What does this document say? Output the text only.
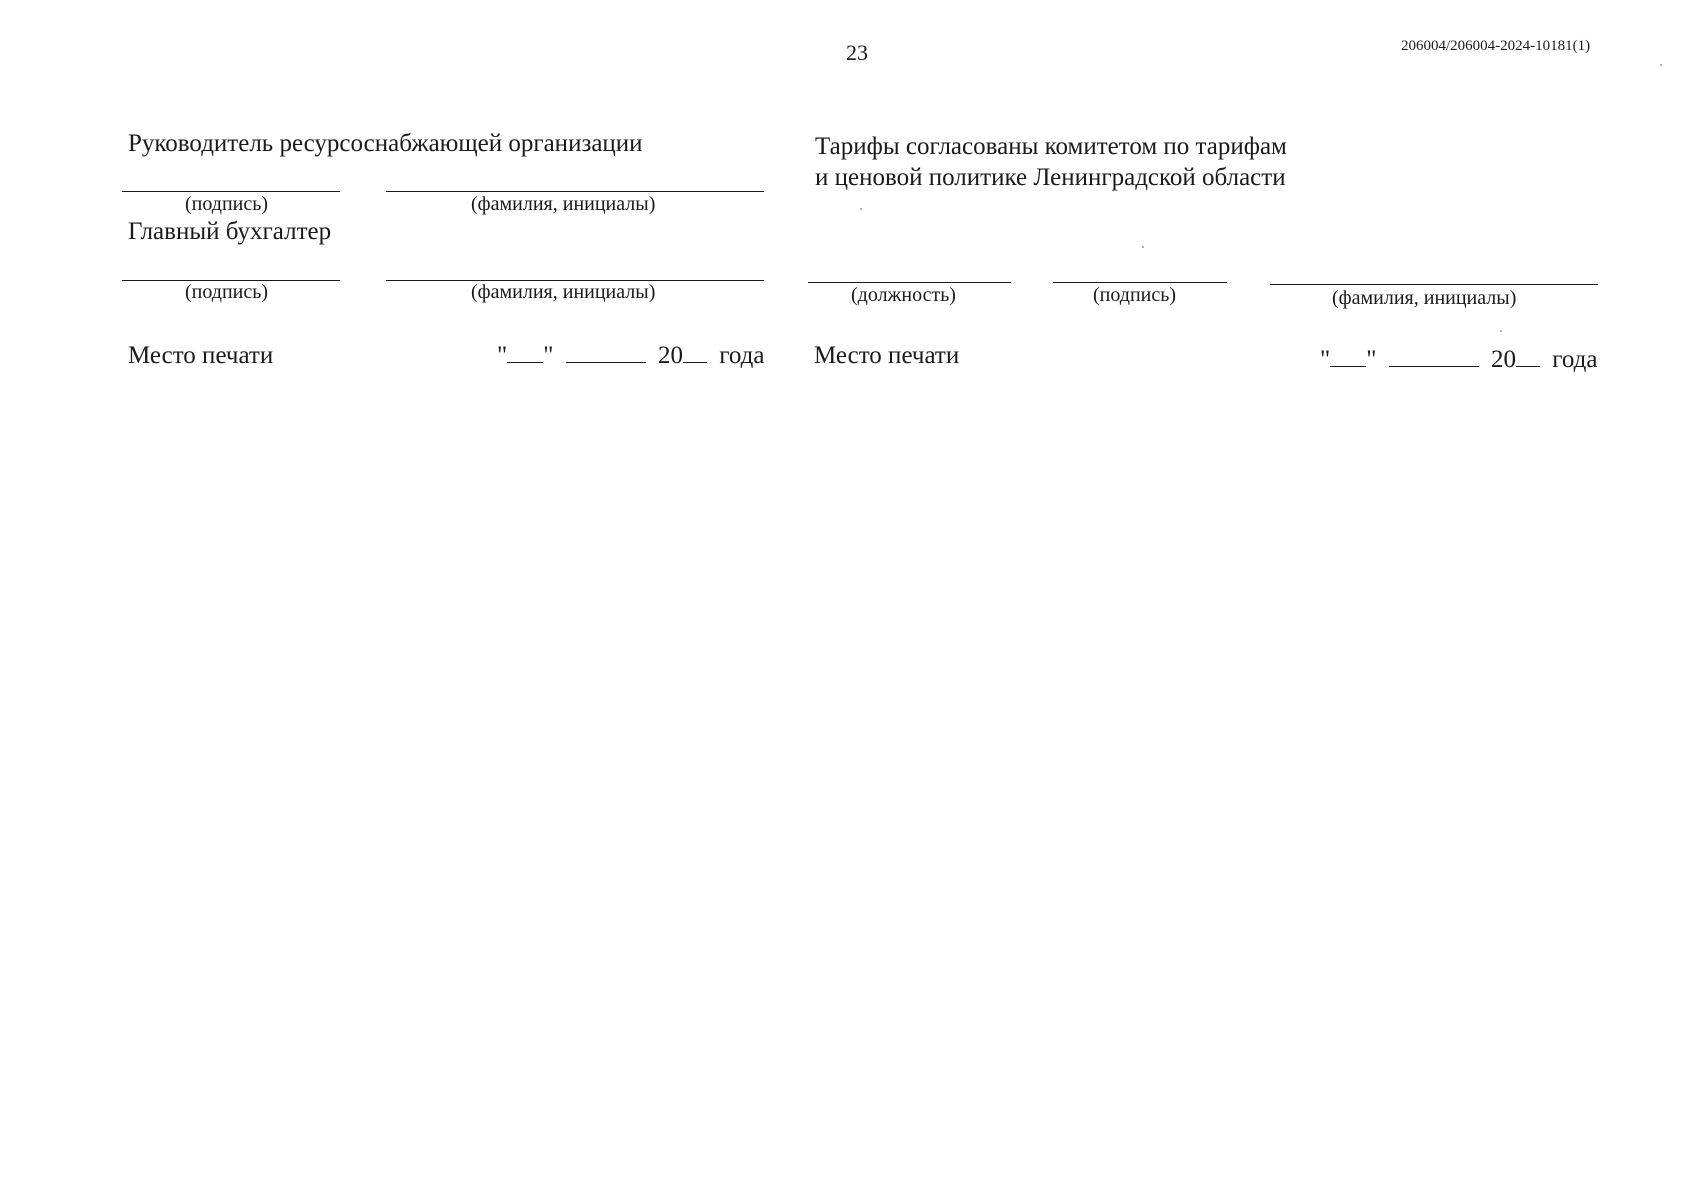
23	206004/206004-2024-10181(1)
Руководитель ресурсоснабжающей организации
(подпись)	(фамилия, инициалы)
Главный бухгалтер
(подпись)	(фамилия, инициалы)
Место печати	" "	20 года
Тарифы согласованы комитетом по тарифам
и ценовой политике Ленинградской области
(должность)	(подпись)	(фамилия, инициалы)
Место печати	" "	20 года
